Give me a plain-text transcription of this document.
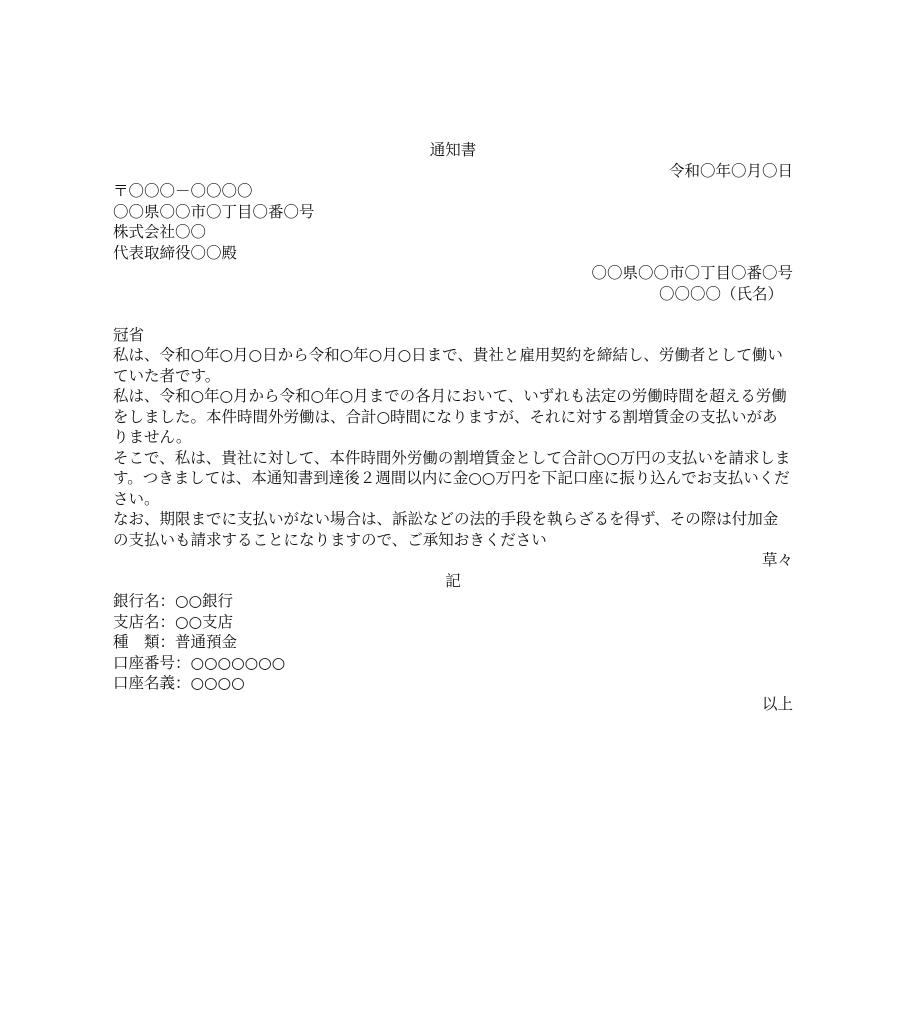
通知書
令和〇年〇月〇日
〒〇〇〇－〇〇〇〇
〇〇県〇〇市〇丁目〇番〇号
株式会社〇〇
代表取締役〇〇殿
〇〇県〇〇市〇丁目〇番〇号
〇〇〇〇（氏名）
冠省

私は、令和○年○月○日から令和○年○月○日まで、貴社と雇用契約を締結し、労働者として働いていた者です。

私は、令和○年○月から令和○年○月までの各月において、いずれも法定の労働時間を超える労働をしました。本件時間外労働は、合計○時間になりますが、それに対する割増賃金の支払いがありません。

そこで、私は、貴社に対して、本件時間外労働の割増賃金として合計○○万円の支払いを請求します。つきましては、本通知書到達後２週間以内に金○○万円を下記口座に振り込んでお支払いください。

なお、期限までに支払いがない場合は、訴訟などの法的手段を執らざるを得ず、その際は付加金の支払いも請求することになりますので、ご承知おきください

草々
記
銀行名：○○銀行
支店名：○○支店
種　類：普通預金
口座番号：○○○○○○○
口座名義：○○○○
以上
